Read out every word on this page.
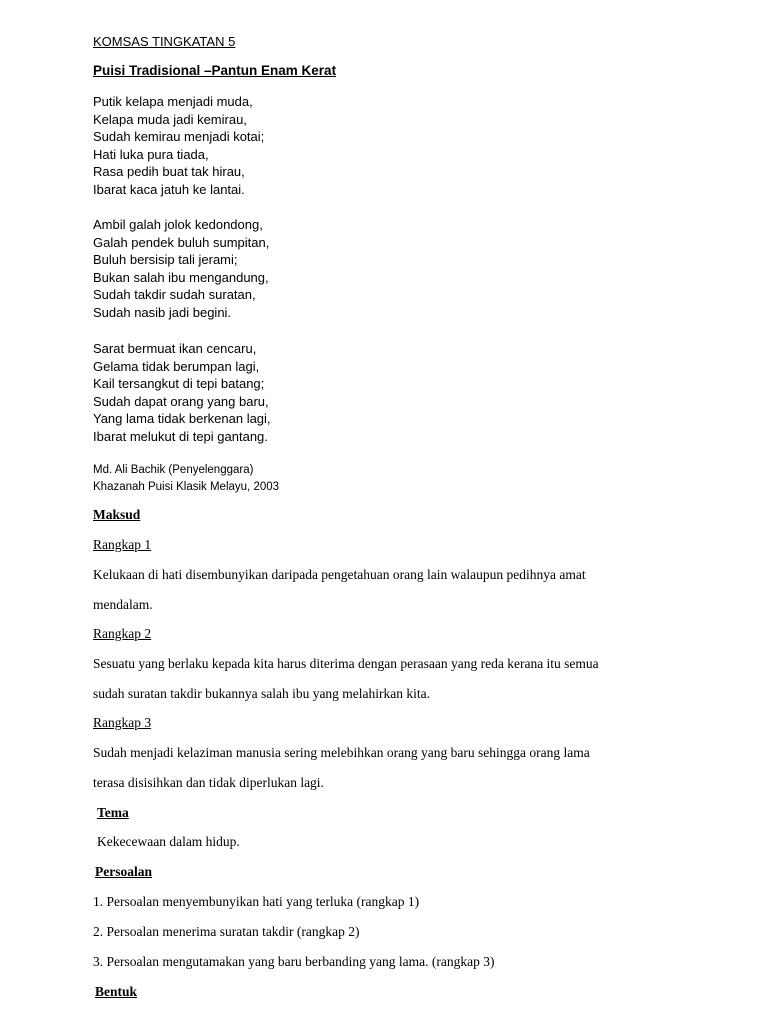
KOMSAS TINGKATAN 5
Puisi Tradisional –Pantun Enam Kerat
Putik kelapa menjadi muda,
Kelapa muda jadi kemirau,
Sudah kemirau menjadi kotai;
Hati luka pura tiada,
Rasa pedih buat tak hirau,
Ibarat kaca jatuh ke lantai.
Ambil galah jolok kedondong,
Galah pendek buluh sumpitan,
Buluh bersisip tali jerami;
Bukan salah ibu mengandung,
Sudah takdir sudah suratan,
Sudah nasib jadi begini.
Sarat bermuat ikan cencaru,
Gelama tidak berumpan lagi,
Kail tersangkut di tepi batang;
Sudah dapat orang yang baru,
Yang lama tidak berkenan lagi,
Ibarat melukut di tepi gantang.
Md. Ali Bachik (Penyelenggara)
Khazanah Puisi Klasik Melayu, 2003
Maksud
Rangkap 1
Kelukaan di hati disembunyikan daripada pengetahuan orang lain walaupun pedihnya amat
mendalam.
Rangkap 2
Sesuatu yang berlaku kepada kita harus diterima dengan perasaan yang reda kerana itu semua
sudah suratan takdir bukannya salah ibu yang melahirkan kita.
Rangkap 3
Sudah menjadi kelaziman manusia sering melebihkan orang yang baru sehingga orang lama
terasa disisihkan dan tidak diperlukan lagi.
Tema
Kekecewaan dalam hidup.
Persoalan
1. Persoalan menyembunyikan hati yang terluka (rangkap 1)
2. Persoalan menerima suratan takdir (rangkap 2)
3. Persoalan mengutamakan yang baru berbanding yang lama. (rangkap 3)
Bentuk
